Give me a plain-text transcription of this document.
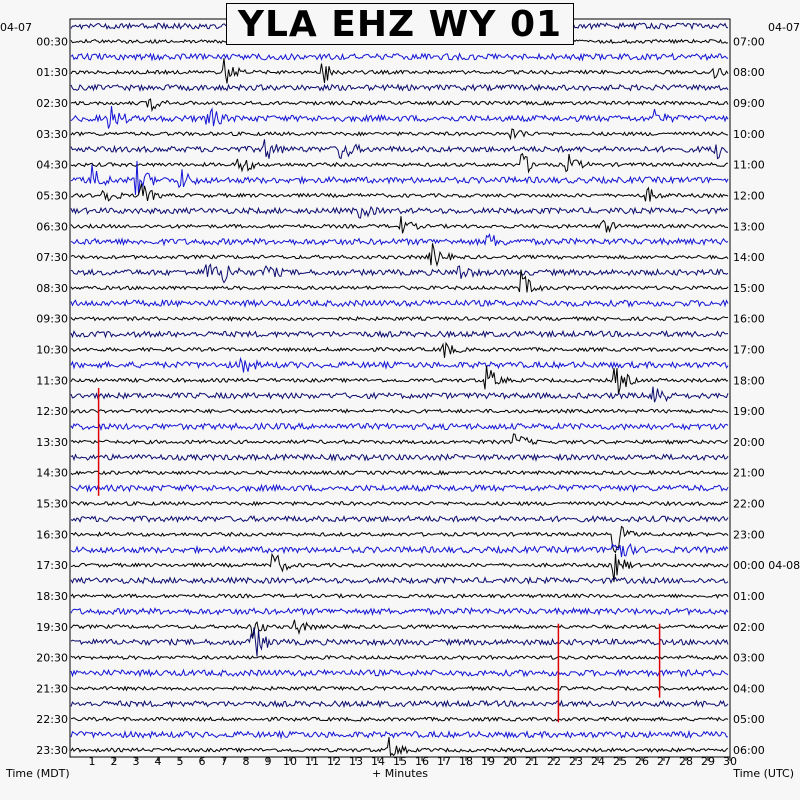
1 2 3 4 5 6 7 8 9 10 11 12 13 14 15 16 17 18 19 20 21 22 23 24 25 26 27 28 29 30
00:30
01:30
02:30
03:30
04:30
05:30
06:30
07:30
08:30
09:30
10:30
11:30
12:30
13:30
14:30
15:30
16:30
17:30
18:30
19:30
20:30
21:30
22:30
23:30
07:00
08:00
09:00
10:00
11:00
12:00
13:00
14:00
15:00
16:00
17:00
18:00
19:00
20:00
21:00
22:00
23:00
00:00 04-08
01:00
02:00
03:00
04:00
05:00
06:00
04-07	04-07
Time (MDT)	+ Minutes	Time (UTC)
YLA EHZ WY 01
